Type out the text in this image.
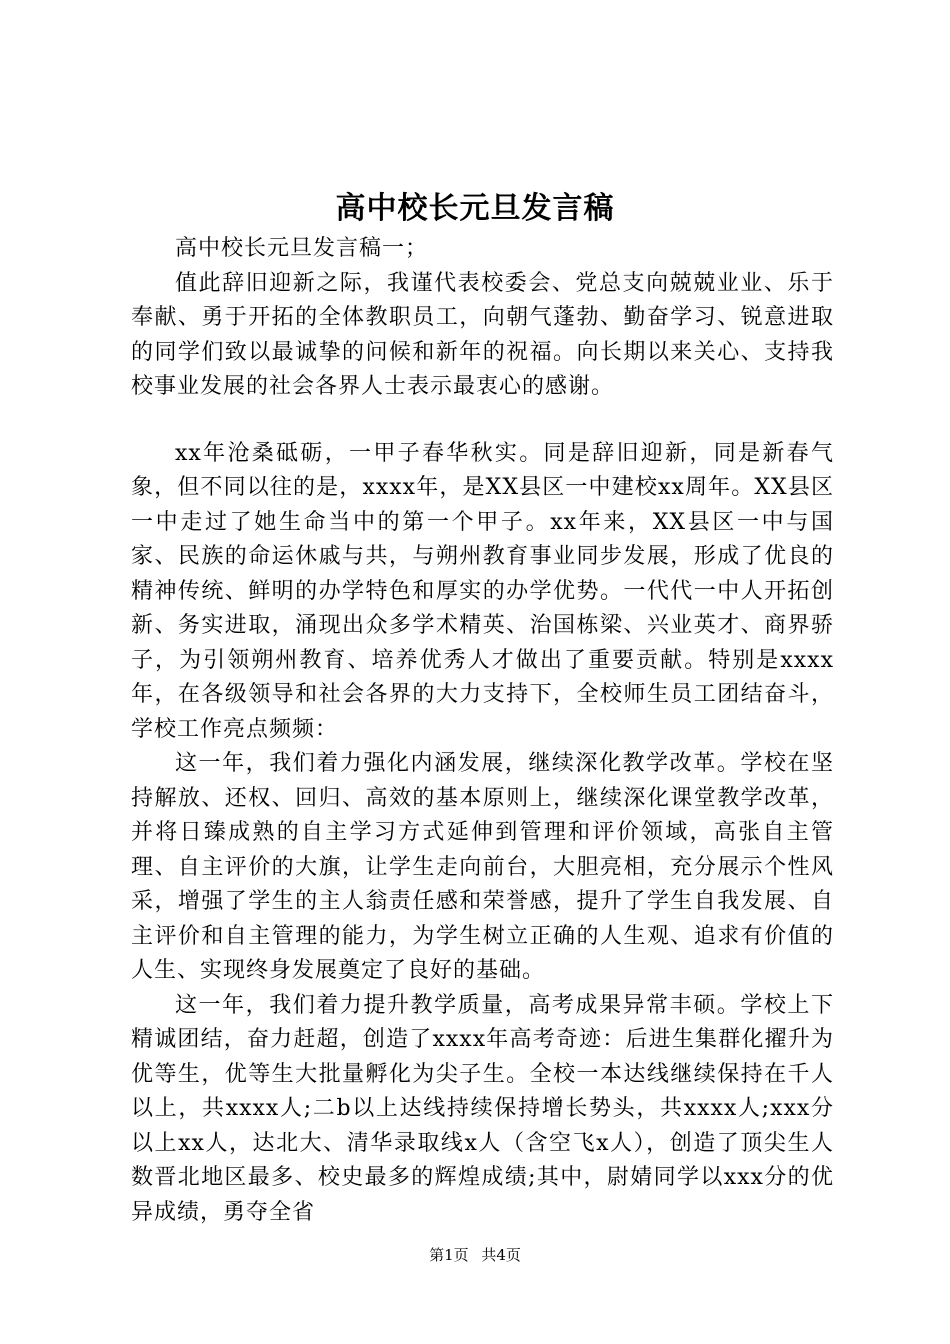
高中校长元旦发言稿

高中校长元旦发言稿一；

值此辞旧迎新之际，我谨代表校委会、党总支向兢兢业业、乐于奉献、勇于开拓的全体教职员工，向朝气蓬勃、勤奋学习、锐意进取的同学们致以最诚挚的问候和新年的祝福。向长期以来关心、支持我校事业发展的社会各界人士表示最衷心的感谢。

xx年沧桑砥砺，一甲子春华秋实。同是辞旧迎新，同是新春气象，但不同以往的是，xxxx年，是XX县区一中建校xx周年。XX县区一中走过了她生命当中的第一个甲子。xx年来，XX县区一中与国家、民族的命运休戚与共，与朔州教育事业同步发展，形成了优良的精神传统、鲜明的办学特色和厚实的办学优势。一代代一中人开拓创新、务实进取，涌现出众多学术精英、治国栋梁、兴业英才、商界骄子，为引领朔州教育、培养优秀人才做出了重要贡献。特别是xxxx年，在各级领导和社会各界的大力支持下，全校师生员工团结奋斗，学校工作亮点频频：

这一年，我们着力强化内涵发展，继续深化教学改革。学校在坚持解放、还权、回归、高效的基本原则上，继续深化课堂教学改革，并将日臻成熟的自主学习方式延伸到管理和评价领域，高张自主管理、自主评价的大旗，让学生走向前台，大胆亮相，充分展示个性风采，增强了学生的主人翁责任感和荣誉感，提升了学生自我发展、自主评价和自主管理的能力，为学生树立正确的人生观、追求有价值的人生、实现终身发展奠定了良好的基础。

这一年，我们着力提升教学质量，高考成果异常丰硕。学校上下精诚团结，奋力赶超，创造了xxxx年高考奇迹：后进生集群化擢升为优等生，优等生大批量孵化为尖子生。全校一本达线继续保持在千人以上，共xxxx人;二b以上达线持续保持增长势头，共xxxx人;xxx分以上xx人，达北大、清华录取线x人（含空飞x人），创造了顶尖生人数晋北地区最多、校史最多的辉煌成绩;其中，尉婧同学以xxx分的优异成绩，勇夺全省

第1页 共4页
